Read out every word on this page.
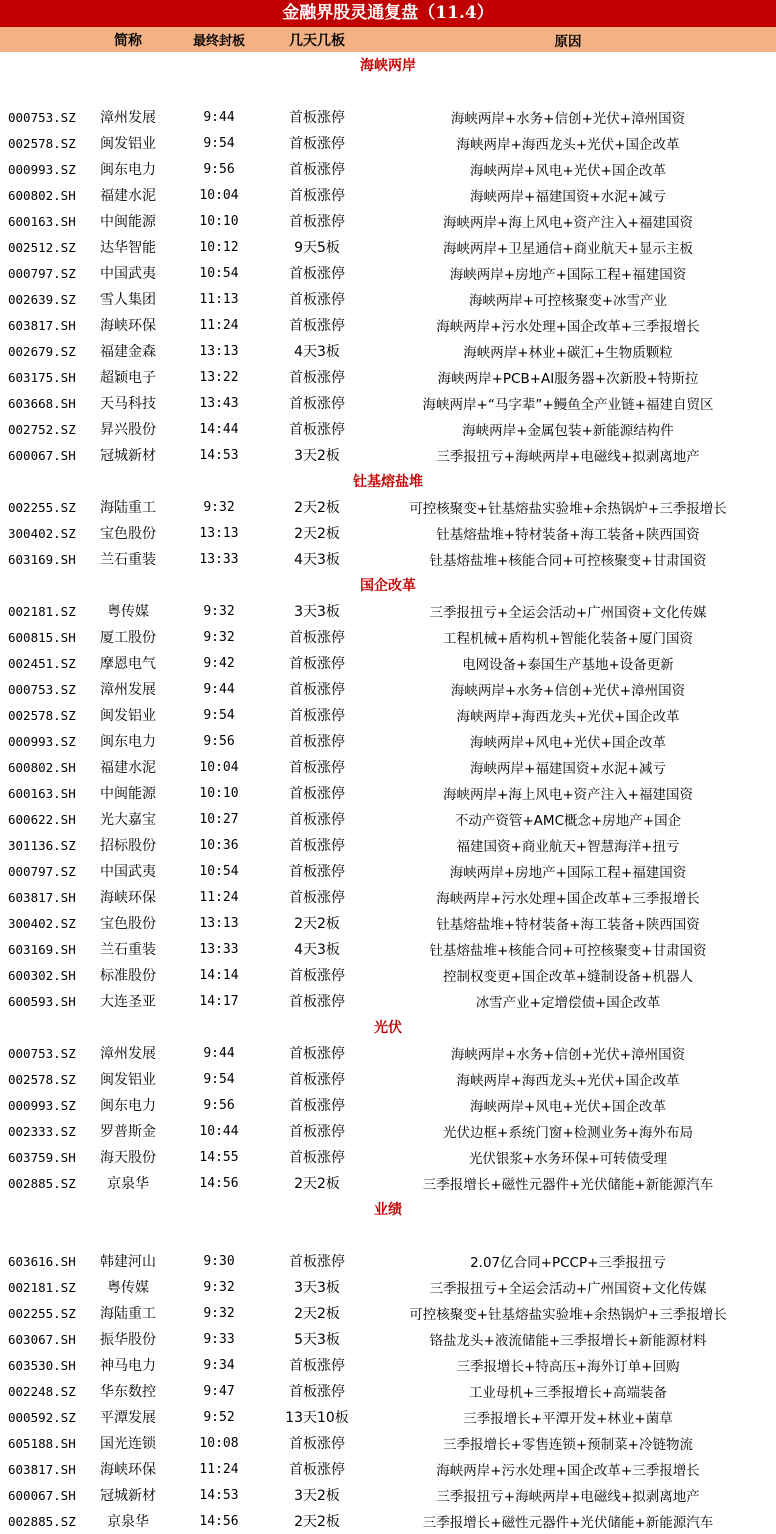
金融界股灵通复盘（11.4）
简称	最终封板	几天几板	原因
海峡两岸
000753.SZ	漳州发展	9:44	首板涨停	海峡两岸+水务+信创+光伏+漳州国资
002578.SZ	闽发铝业	9:54	首板涨停	海峡两岸+海西龙头+光伏+国企改革
000993.SZ	闽东电力	9:56	首板涨停	海峡两岸+风电+光伏+国企改革
600802.SH	福建水泥	10:04	首板涨停	海峡两岸+福建国资+水泥+减亏
600163.SH	中闽能源	10:10	首板涨停	海峡两岸+海上风电+资产注入+福建国资
002512.SZ	达华智能	10:12	9天5板	海峡两岸+卫星通信+商业航天+显示主板
000797.SZ	中国武夷	10:54	首板涨停	海峡两岸+房地产+国际工程+福建国资
002639.SZ	雪人集团	11:13	首板涨停	海峡两岸+可控核聚变+冰雪产业
603817.SH	海峡环保	11:24	首板涨停	海峡两岸+污水处理+国企改革+三季报增长
002679.SZ	福建金森	13:13	4天3板	海峡两岸+林业+碳汇+生物质颗粒
603175.SH	超颖电子	13:22	首板涨停	海峡两岸+PCB+AI服务器+次新股+特斯拉
603668.SH	天马科技	13:43	首板涨停	海峡两岸+“马字辈”+鳗鱼全产业链+福建自贸区
002752.SZ	昇兴股份	14:44	首板涨停	海峡两岸+金属包装+新能源结构件
600067.SH	冠城新材	14:53	3天2板	三季报扭亏+海峡两岸+电磁线+拟剥离地产
钍基熔盐堆
002255.SZ	海陆重工	9:32	2天2板	可控核聚变+钍基熔盐实验堆+余热锅炉+三季报增长
300402.SZ	宝色股份	13:13	2天2板	钍基熔盐堆+特材装备+海工装备+陕西国资
603169.SH	兰石重装	13:33	4天3板	钍基熔盐堆+核能合同+可控核聚变+甘肃国资
国企改革
002181.SZ	粤传媒	9:32	3天3板	三季报扭亏+全运会活动+广州国资+文化传媒
600815.SH	厦工股份	9:32	首板涨停	工程机械+盾构机+智能化装备+厦门国资
002451.SZ	摩恩电气	9:42	首板涨停	电网设备+泰国生产基地+设备更新
000753.SZ	漳州发展	9:44	首板涨停	海峡两岸+水务+信创+光伏+漳州国资
002578.SZ	闽发铝业	9:54	首板涨停	海峡两岸+海西龙头+光伏+国企改革
000993.SZ	闽东电力	9:56	首板涨停	海峡两岸+风电+光伏+国企改革
600802.SH	福建水泥	10:04	首板涨停	海峡两岸+福建国资+水泥+减亏
600163.SH	中闽能源	10:10	首板涨停	海峡两岸+海上风电+资产注入+福建国资
600622.SH	光大嘉宝	10:27	首板涨停	不动产资管+AMC概念+房地产+国企
301136.SZ	招标股份	10:36	首板涨停	福建国资+商业航天+智慧海洋+扭亏
000797.SZ	中国武夷	10:54	首板涨停	海峡两岸+房地产+国际工程+福建国资
603817.SH	海峡环保	11:24	首板涨停	海峡两岸+污水处理+国企改革+三季报增长
300402.SZ	宝色股份	13:13	2天2板	钍基熔盐堆+特材装备+海工装备+陕西国资
603169.SH	兰石重装	13:33	4天3板	钍基熔盐堆+核能合同+可控核聚变+甘肃国资
600302.SH	标准股份	14:14	首板涨停	控制权变更+国企改革+缝制设备+机器人
600593.SH	大连圣亚	14:17	首板涨停	冰雪产业+定增偿债+国企改革
光伏
000753.SZ	漳州发展	9:44	首板涨停	海峡两岸+水务+信创+光伏+漳州国资
002578.SZ	闽发铝业	9:54	首板涨停	海峡两岸+海西龙头+光伏+国企改革
000993.SZ	闽东电力	9:56	首板涨停	海峡两岸+风电+光伏+国企改革
002333.SZ	罗普斯金	10:44	首板涨停	光伏边框+系统门窗+检测业务+海外布局
603759.SH	海天股份	14:55	首板涨停	光伏银浆+水务环保+可转债受理
002885.SZ	京泉华	14:56	2天2板	三季报增长+磁性元器件+光伏储能+新能源汽车
业绩
603616.SH	韩建河山	9:30	首板涨停	2.07亿合同+PCCP+三季报扭亏
002181.SZ	粤传媒	9:32	3天3板	三季报扭亏+全运会活动+广州国资+文化传媒
002255.SZ	海陆重工	9:32	2天2板	可控核聚变+钍基熔盐实验堆+余热锅炉+三季报增长
603067.SH	振华股份	9:33	5天3板	铬盐龙头+液流储能+三季报增长+新能源材料
603530.SH	神马电力	9:34	首板涨停	三季报增长+特高压+海外订单+回购
002248.SZ	华东数控	9:47	首板涨停	工业母机+三季报增长+高端装备
000592.SZ	平潭发展	9:52	13天10板	三季报增长+平潭开发+林业+菌草
605188.SH	国光连锁	10:08	首板涨停	三季报增长+零售连锁+预制菜+冷链物流
603817.SH	海峡环保	11:24	首板涨停	海峡两岸+污水处理+国企改革+三季报增长
600067.SH	冠城新材	14:53	3天2板	三季报扭亏+海峡两岸+电磁线+拟剥离地产
002885.SZ	京泉华	14:56	2天2板	三季报增长+磁性元器件+光伏储能+新能源汽车
